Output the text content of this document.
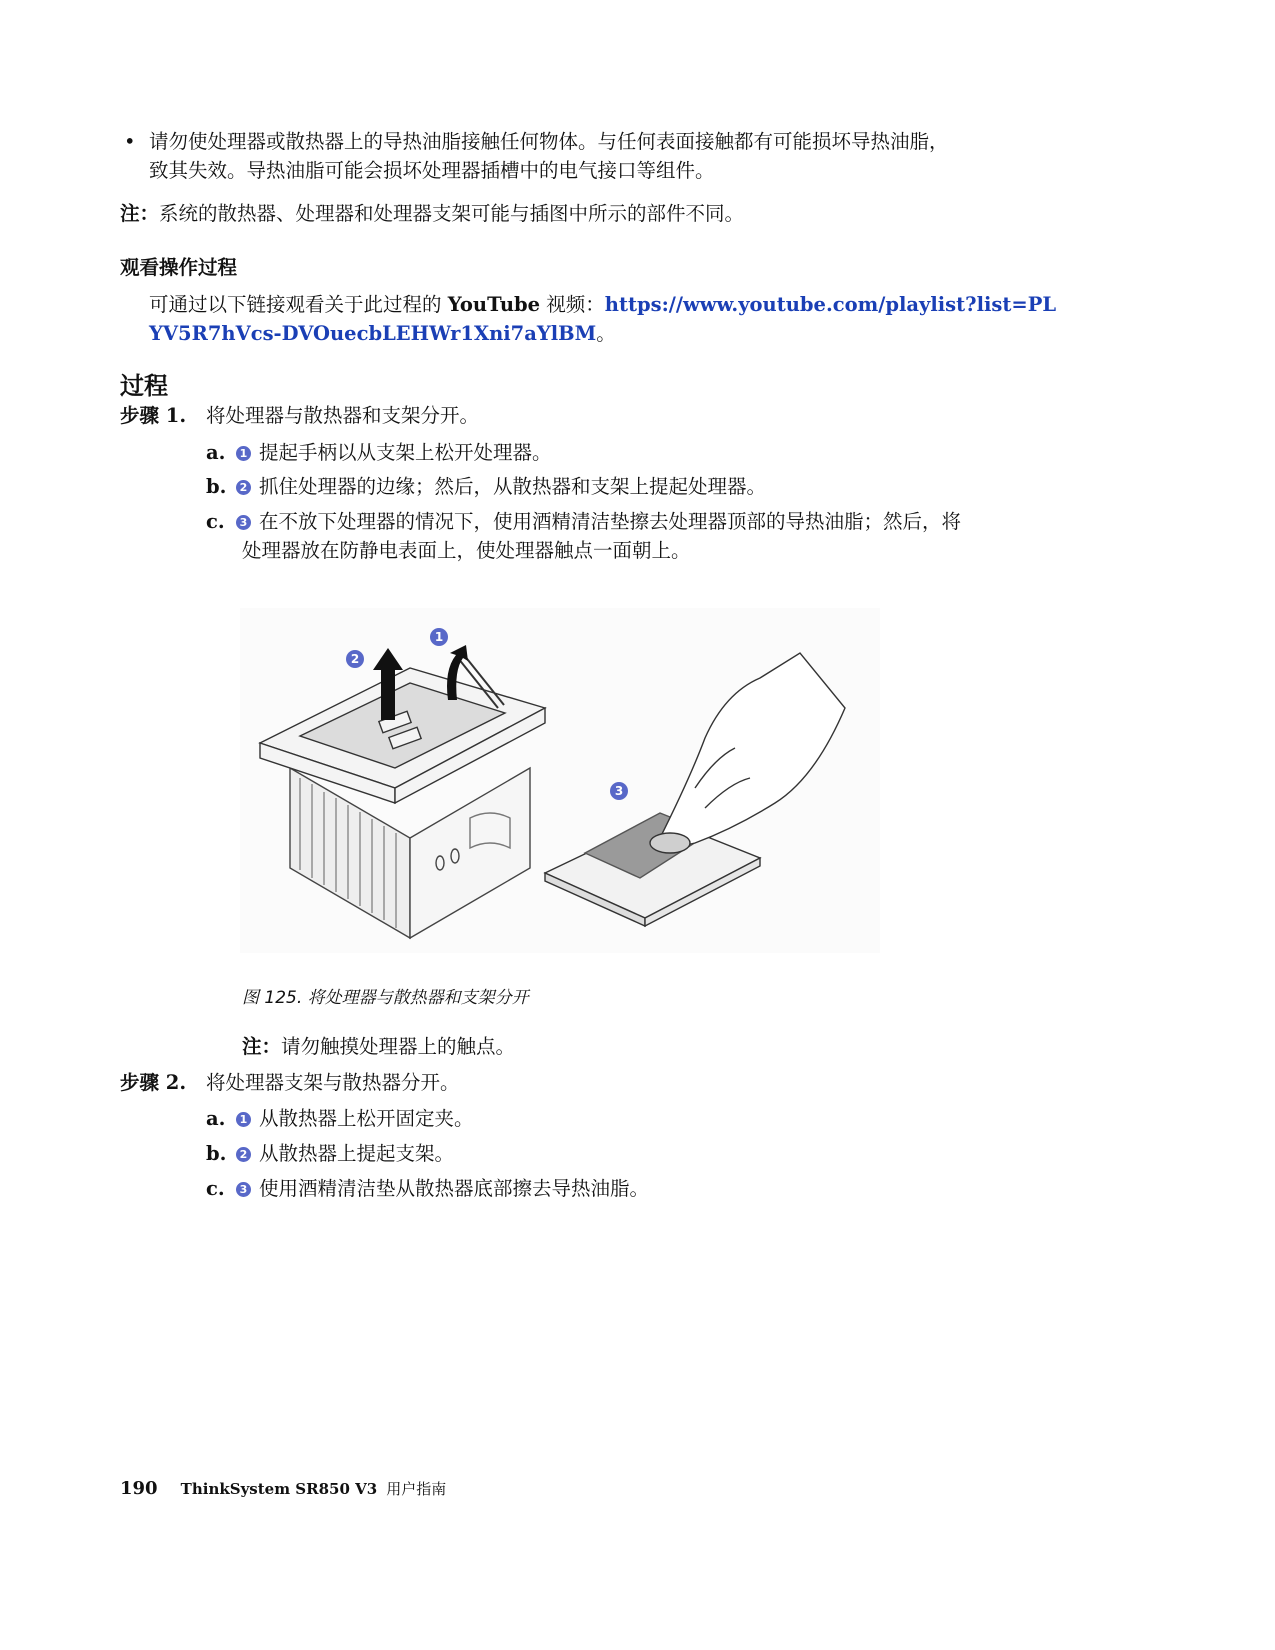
• 请勿使处理器或散热器上的导热油脂接触任何物体。与任何表面接触都有可能损坏导热油脂，
致其失效。导热油脂可能会损坏处理器插槽中的电气接口等组件。
注：系统的散热器、处理器和处理器支架可能与插图中所示的部件不同。
观看操作过程
可通过以下链接观看关于此过程的 YouTube 视频：https://www.youtube.com/playlist?list=PL
YV5R7hVcs-DVOuecbLEHWr1Xni7aYlBM。
过程
步骤 1. 将处理器与散热器和支架分开。
a. 1 提起手柄以从支架上松开处理器。
b. 2 抓住处理器的边缘；然后，从散热器和支架上提起处理器。
c. 3 在不放下处理器的情况下，使用酒精清洁垫擦去处理器顶部的导热油脂；然后，将
处理器放在防静电表面上，使处理器触点一面朝上。
2
1
3
图 125. 将处理器与散热器和支架分开
注：请勿触摸处理器上的触点。
步骤 2. 将处理器支架与散热器分开。
a. 1 从散热器上松开固定夹。
b. 2 从散热器上提起支架。
c. 3 使用酒精清洁垫从散热器底部擦去导热油脂。
190 ThinkSystem SR850 V3 用户指南
